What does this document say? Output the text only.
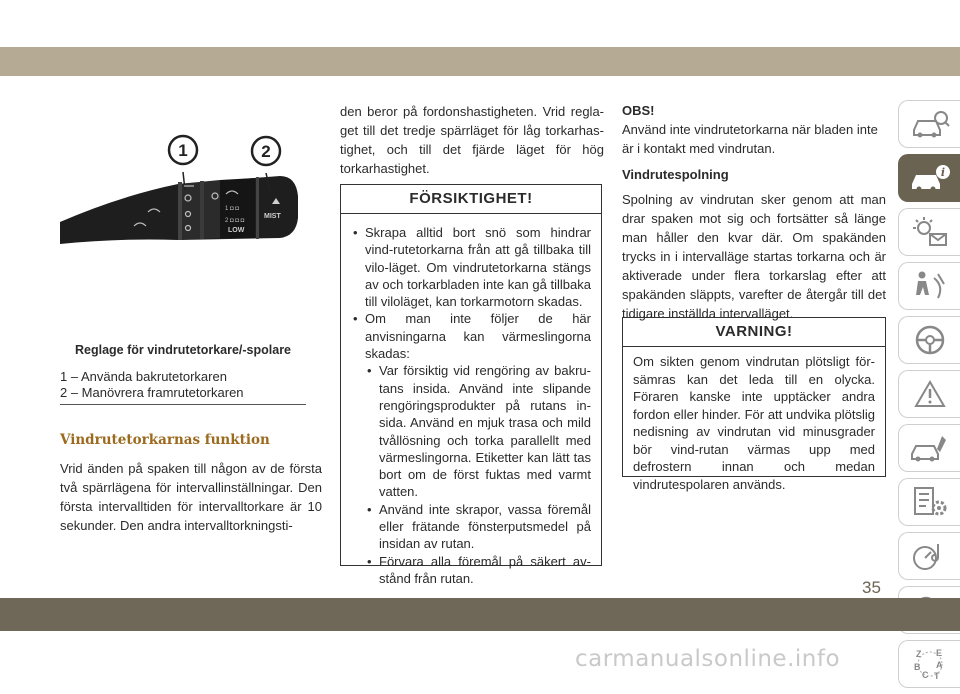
1	2
1 ◘ ◘
2 ◘ ◘ ◘
LOW
MIST
Reglage för vindrutetorkare/-spolare
1 – Använda bakrutetorkaren
2 – Manövrera framrutetorkaren
Vindrutetorkarnas funktion
Vrid änden på spaken till någon av de första två spärrlägena för intervallinställningar. Den första intervalltiden för intervalltorkare är 10 sekunder. Den andra intervalltorkningsti-
den beror på fordonshastigheten. Vrid regla-get till det tredje spärrläget för låg torkarhas-tighet, och till det fjärde läget för hög torkarhastighet.
FÖRSIKTIGHET!
• Skrapa alltid bort snö som hindrar vind-rutetorkarna från att gå tillbaka till vilo-läget. Om vindrutetorkarna stängs av och torkarbladen inte kan gå tillbaka till viloläget, kan torkarmotorn skadas.
• Om man inte följer de här anvisningarna kan värmeslingorna skadas:
• Var försiktig vid rengöring av bakru-tans insida. Använd inte slipande rengöringsprodukter på rutans in-sida. Använd en mjuk trasa och mild tvållösning och torka parallellt med värmeslingorna. Etiketter kan lätt tas bort om de först fuktas med varmt vatten.
• Använd inte skrapor, vassa föremål eller frätande fönsterputsmedel på insidan av rutan.
• Förvara alla föremål på säkert av-stånd från rutan.
OBS!
Använd inte vindrutetorkarna när bladen inte är i kontakt med vindrutan.
Vindrutespolning
Spolning av vindrutan sker genom att man drar spaken mot sig och fortsätter så länge man håller den kvar där. Om spakänden trycks in i intervalläge startas torkarna och är aktiverade under flera torkarslag efter att spakänden släppts, varefter de återgår till det tidigare inställda intervalläget.
VARNING!
Om sikten genom vindrutan plötsligt för-sämras kan det leda till en olycka. Föraren kanske inte upptäcker andra fordon eller hinder. För att undvika plötslig nedisning av vindrutan vid minusgrader bör vind-rutan värmas upp med defrostern innan och medan vindrutespolaren används.
i
Z E
B A
C T
35
carmanualsonline.info
